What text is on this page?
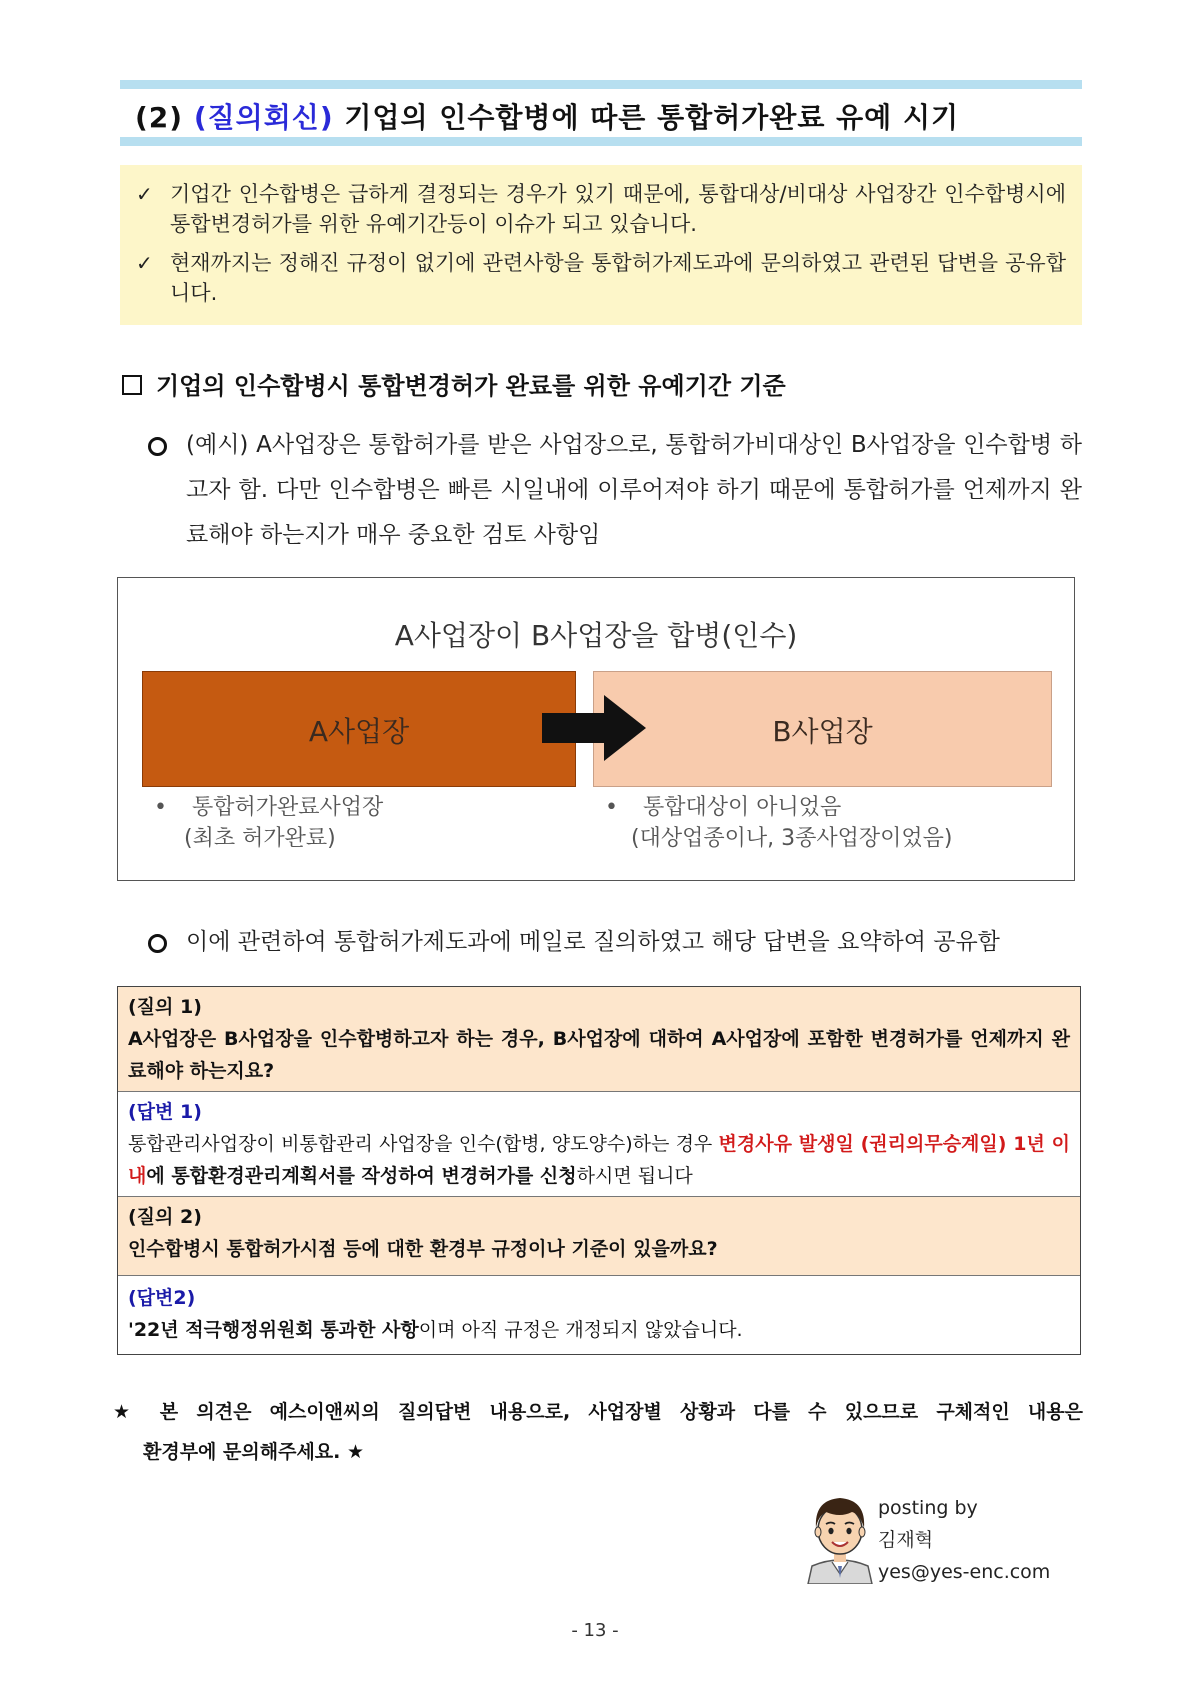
(2) (질의회신) 기업의 인수합병에 따른 통합허가완료 유예 시기
✓ 기업간 인수합병은 급하게 결정되는 경우가 있기 때문에, 통합대상/비대상 사업장간 인수합병시에 통합변경허가를 위한 유예기간등이 이슈가 되고 있습니다.
✓ 현재까지는 정해진 규정이 없기에 관련사항을 통합허가제도과에 문의하였고 관련된 답변을 공유합니다.
기업의 인수합병시 통합변경허가 완료를 위한 유예기간 기준
(예시) A사업장은 통합허가를 받은 사업장으로, 통합허가비대상인 B사업장을 인수합병 하고자 함. 다만 인수합병은 빠른 시일내에 이루어져야 하기 때문에 통합허가를 언제까지 완료해야 하는지가 매우 중요한 검토 사항임
A사업장이 B사업장을 합병(인수)
A사업장	B사업장
• 통합허가완료사업장
(최초 허가완료)
• 통합대상이 아니었음
(대상업종이나, 3종사업장이었음)
이에 관련하여 통합허가제도과에 메일로 질의하였고 해당 답변을 요약하여 공유함
(질의 1)
A사업장은 B사업장을 인수합병하고자 하는 경우, B사업장에 대하여 A사업장에 포함한 변경허가를 언제까지 완료해야 하는지요?
(답변 1)
통합관리사업장이 비통합관리 사업장을 인수(합병, 양도양수)하는 경우 변경사유 발생일 (권리의무승계일) 1년 이내에 통합환경관리계획서를 작성하여 변경허가를 신청하시면 됩니다
(질의 2)
인수합병시 통합허가시점 등에 대한 환경부 규정이나 기준이 있을까요?
(답변2)
'22년 적극행정위원회 통과한 사항이며 아직 규정은 개정되지 않았습니다.
★ 본 의견은 예스이앤씨의 질의답변 내용으로, 사업장별 상황과 다를 수 있으므로 구체적인 내용은
환경부에 문의해주세요. ★
posting by
김재혁
yes@yes-enc.com
- 13 -
